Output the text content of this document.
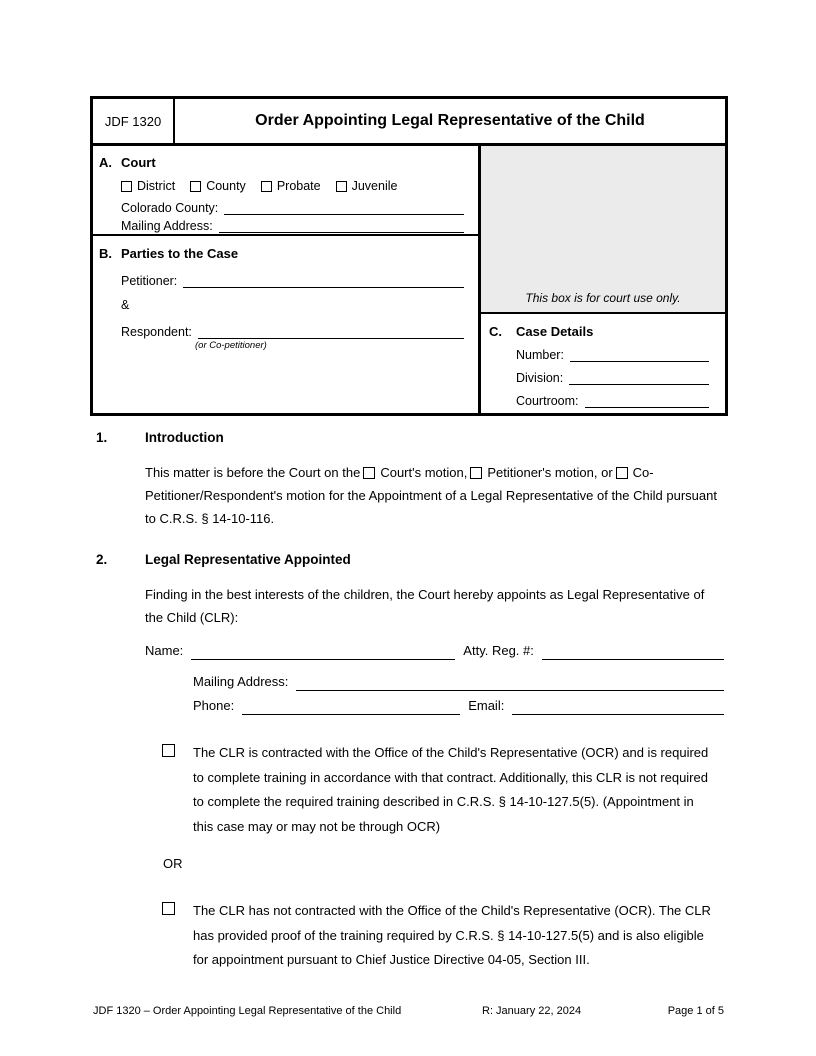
JDF 1320	Order Appointing Legal Representative of the Child
A. Court
District County Probate Juvenile
Colorado County:
Mailing Address:
B. Parties to the Case
Petitioner:
&
Respondent:
(or Co-petitioner)
This box is for court use only.
C.	Case Details
Number:
Division:
Courtroom:
1.	Introduction

This matter is before the Court on the Court's motion, Petitioner's motion, or Co-Petitioner/Respondent's motion for the Appointment of a Legal Representative of the Child pursuant to C.R.S. § 14-10-116.

2.	Legal Representative Appointed

Finding in the best interests of the children, the Court hereby appoints as Legal Representative of the Child (CLR):

Name:	Atty. Reg. #:
Mailing Address:
Phone:	Email:
The CLR is contracted with the Office of the Child's Representative (OCR) and is required to complete training in accordance with that contract. Additionally, this CLR is not required to complete the required training described in C.R.S. § 14-10-127.5(5). (Appointment in this case may or may not be through OCR)
OR
The CLR has not contracted with the Office of the Child's Representative (OCR). The CLR has provided proof of the training required by C.R.S. § 14-10-127.5(5) and is also eligible for appointment pursuant to Chief Justice Directive 04-05, Section III.
JDF 1320 – Order Appointing Legal Representative of the Child	R: January 22, 2024	Page 1 of 5
